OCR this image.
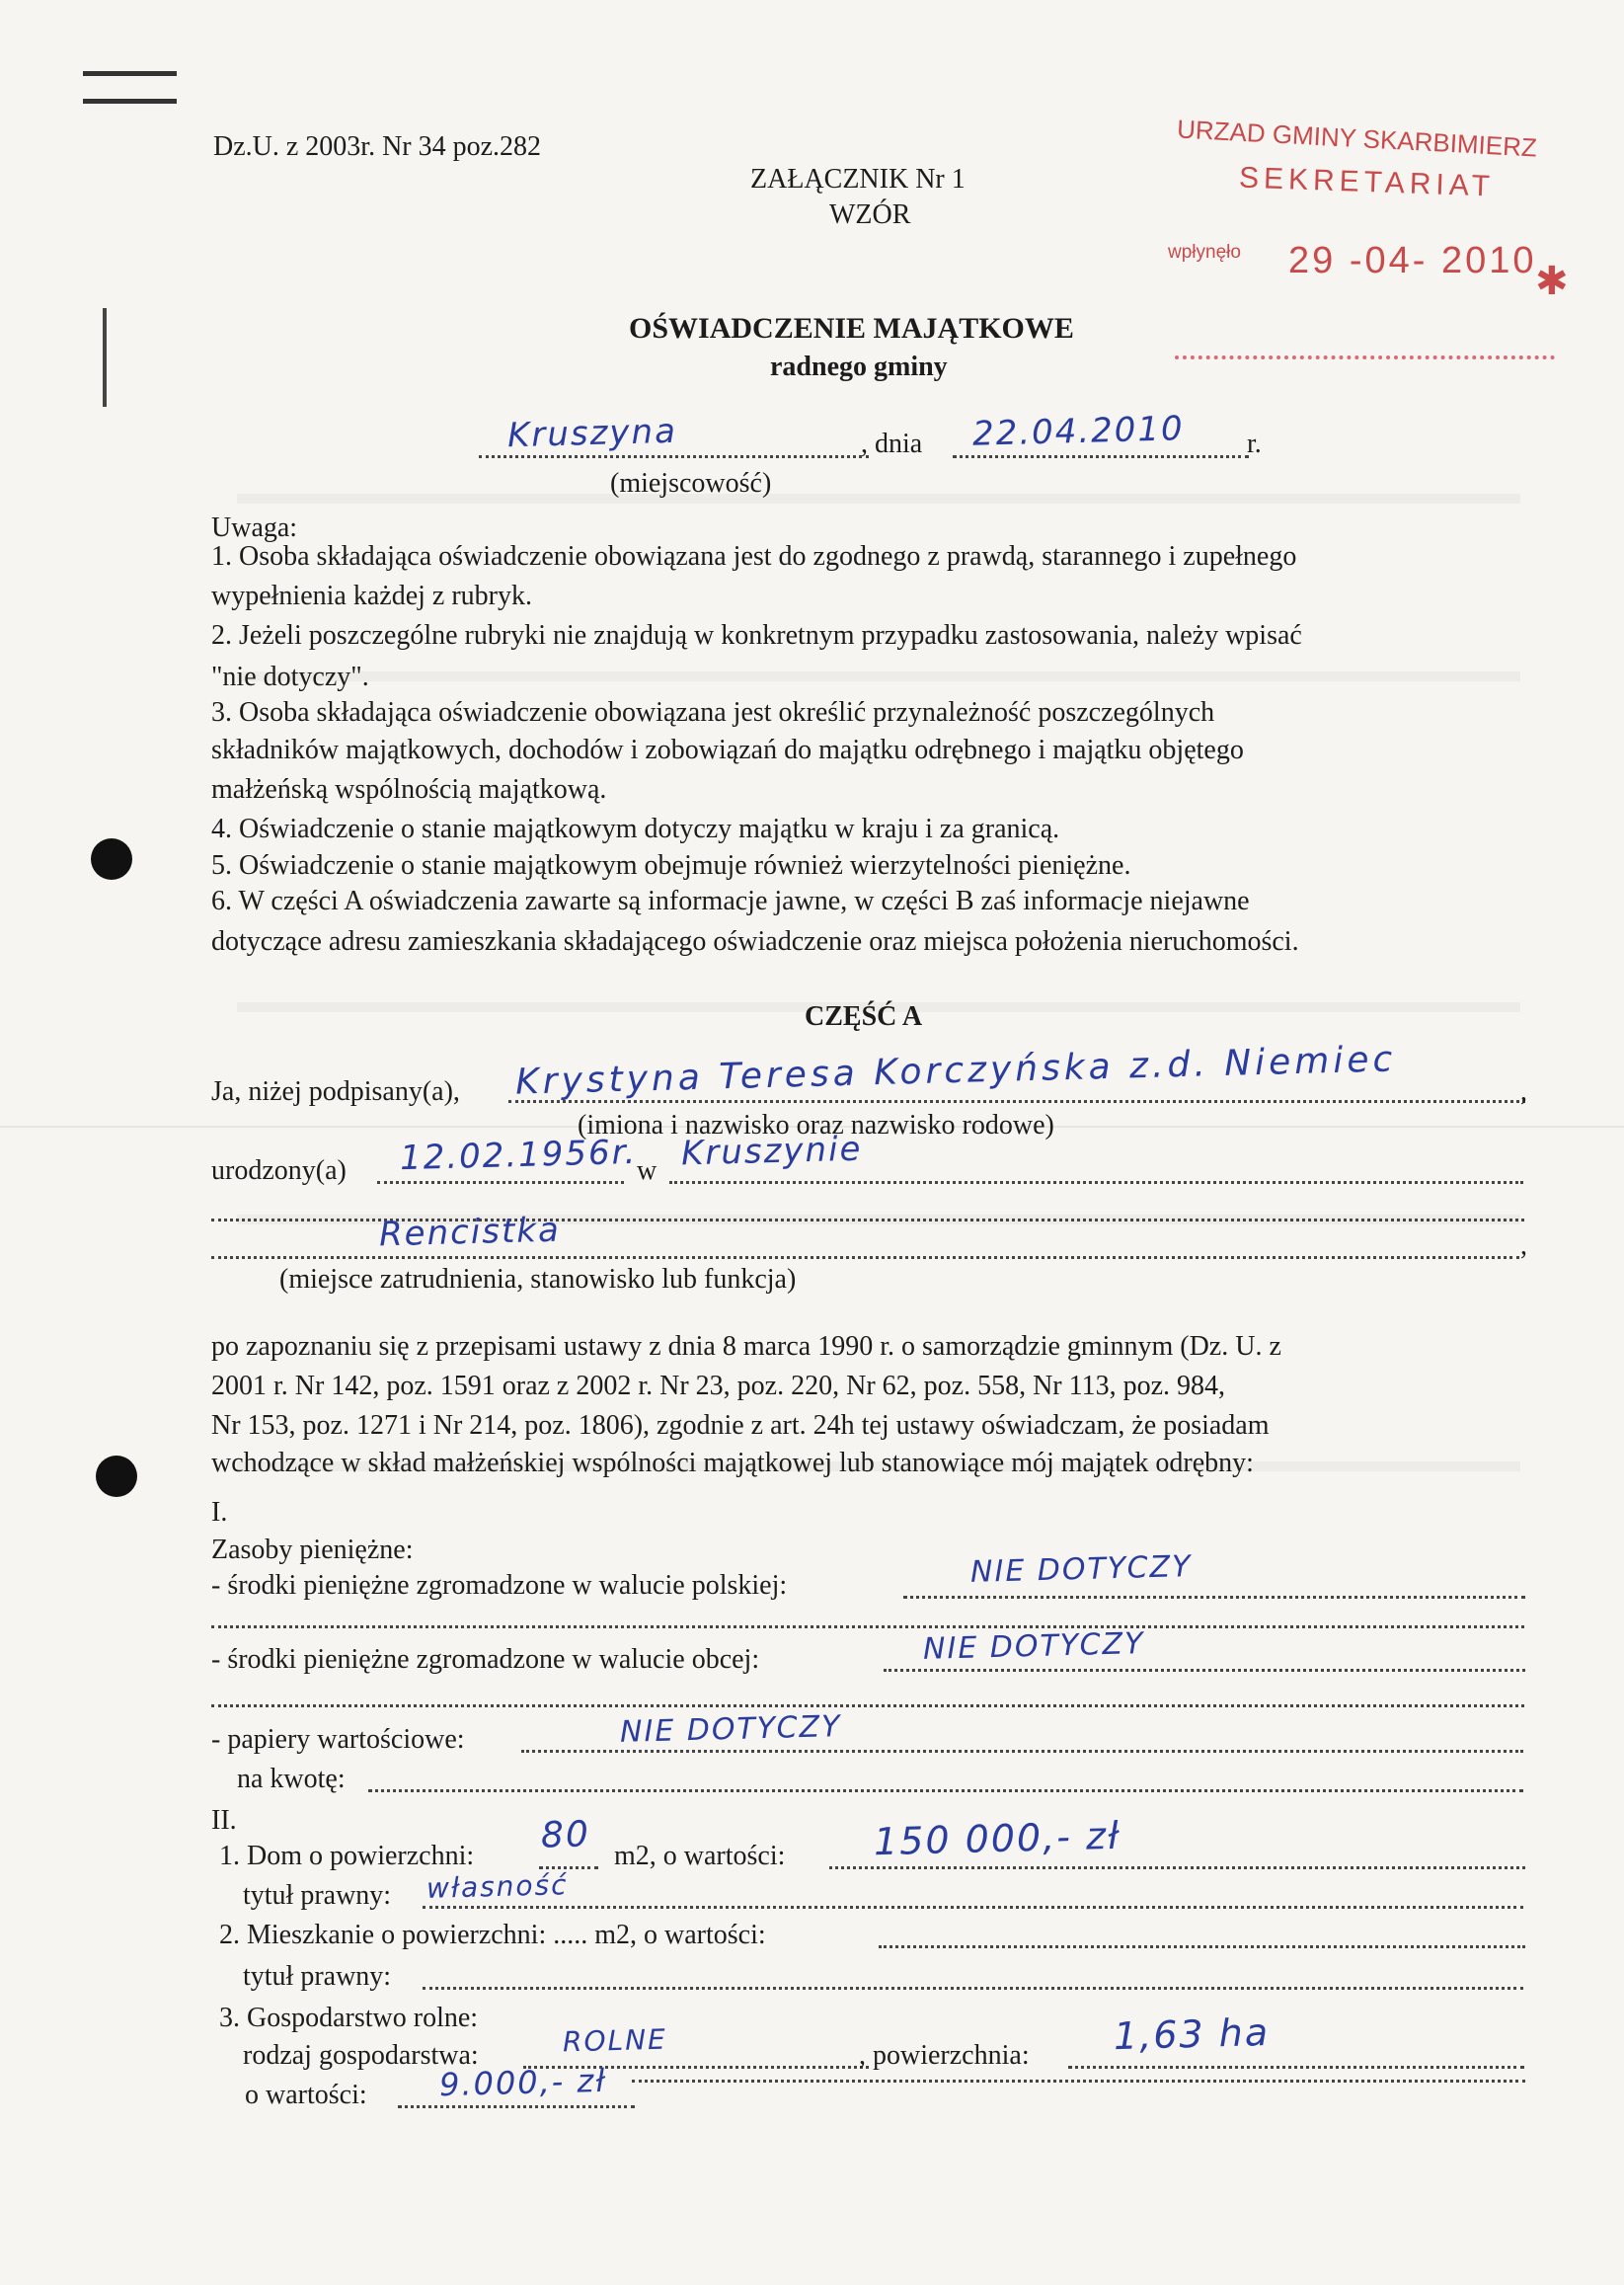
Dz.U. z 2003r. Nr 34 poz.282
ZAŁĄCZNIK Nr 1
WZÓR
URZAD GMINY SKARBIMIERZ
SEKRETARIAT
wpłynęło 29 -04- 2010
✱
OŚWIADCZENIE MAJĄTKOWE
radnego gminy
Kruszyna	, dnia 22.04.2010 r.
(miejscowość)
Uwaga:
1. Osoba składająca oświadczenie obowiązana jest do zgodnego z prawdą, starannego i zupełnego
wypełnienia każdej z rubryk.
2. Jeżeli poszczególne rubryki nie znajdują w konkretnym przypadku zastosowania, należy wpisać
"nie dotyczy".
3. Osoba składająca oświadczenie obowiązana jest określić przynależność poszczególnych
składników majątkowych, dochodów i zobowiązań do majątku odrębnego i majątku objętego
małżeńską wspólnością majątkową.
4. Oświadczenie o stanie majątkowym dotyczy majątku w kraju i za granicą.
5. Oświadczenie o stanie majątkowym obejmuje również wierzytelności pieniężne.
6. W części A oświadczenia zawarte są informacje jawne, w części B zaś informacje niejawne
dotyczące adresu zamieszkania składającego oświadczenie oraz miejsca położenia nieruchomości.
CZĘŚĆ A
Ja, niżej podpisany(a), Krystyna Teresa Korczyńska z.d. Niemiec	,
(imiona i nazwisko oraz nazwisko rodowe)
urodzony(a) 12.02.1956r. w Kruszynie
Rencistka	,
(miejsce zatrudnienia, stanowisko lub funkcja)
po zapoznaniu się z przepisami ustawy z dnia 8 marca 1990 r. o samorządzie gminnym (Dz. U. z
2001 r. Nr 142, poz. 1591 oraz z 2002 r. Nr 23, poz. 220, Nr 62, poz. 558, Nr 113, poz. 984,
Nr 153, poz. 1271 i Nr 214, poz. 1806), zgodnie z art. 24h tej ustawy oświadczam, że posiadam
wchodzące w skład małżeńskiej wspólności majątkowej lub stanowiące mój majątek odrębny:
I.
Zasoby pieniężne:
- środki pieniężne zgromadzone w walucie polskiej:	NIE DOTYCZY
- środki pieniężne zgromadzone w walucie obcej:	NIE DOTYCZY
- papiery wartościowe:	NIE DOTYCZY
na kwotę:
II.
1. Dom o powierzchni: 80 m2, o wartości: 150 000,- zł
tytuł prawny: własność
2. Mieszkanie o powierzchni: ..... m2, o wartości:
tytuł prawny:
3. Gospodarstwo rolne:
rodzaj gospodarstwa:	ROLNE	, powierzchnia: 1,63 ha
o wartości: 9.000,- zł
